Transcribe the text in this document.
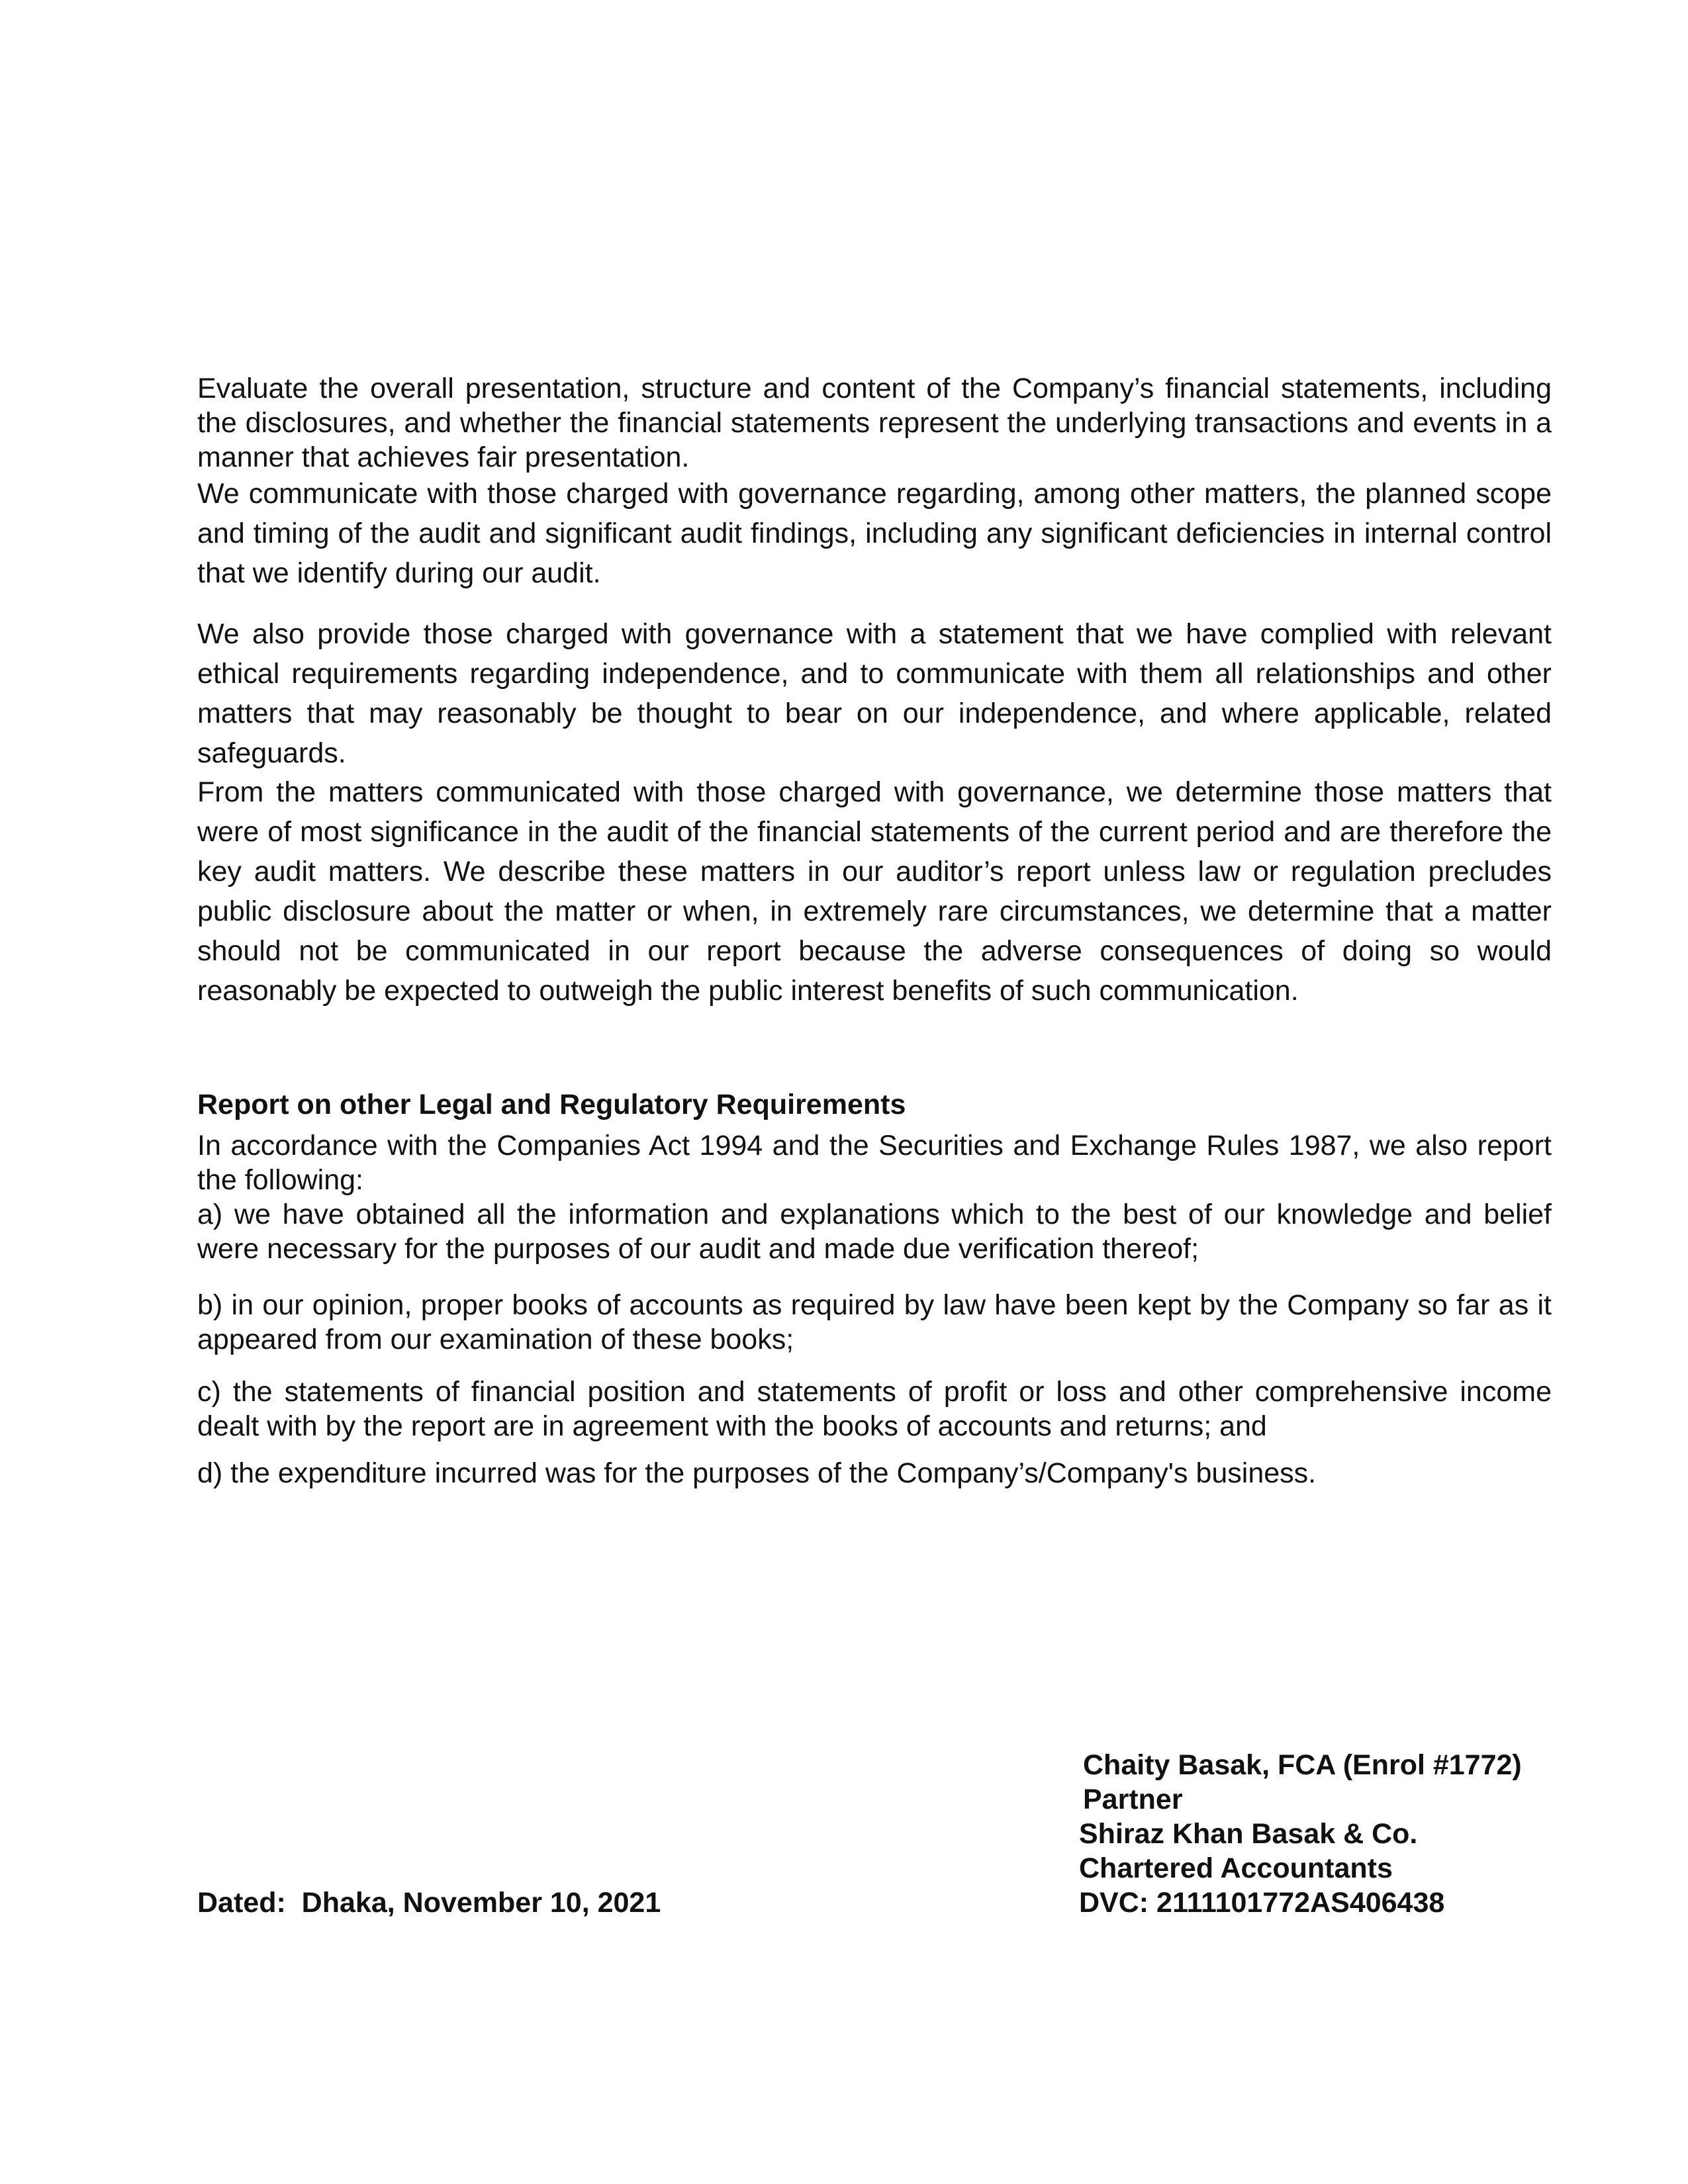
Evaluate the overall presentation, structure and content of the Company’s financial statements, including the disclosures, and whether the financial statements represent the underlying transactions and events in a manner that achieves fair presentation.

We communicate with those charged with governance regarding, among other matters, the planned scope and timing of the audit and significant audit findings, including any significant deficiencies in internal control that we identify during our audit.

We also provide those charged with governance with a statement that we have complied with relevant ethical requirements regarding independence, and to communicate with them all relationships and other matters that may reasonably be thought to bear on our independence, and where applicable, related safeguards.

From the matters communicated with those charged with governance, we determine those matters that were of most significance in the audit of the financial statements of the current period and are therefore the key audit matters. We describe these matters in our auditor’s report unless law or regulation precludes public disclosure about the matter or when, in extremely rare circumstances, we determine that a matter should not be communicated in our report because the adverse consequences of doing so would reasonably be expected to outweigh the public interest benefits of such communication.

Report on other Legal and Regulatory Requirements

In accordance with the Companies Act 1994 and the Securities and Exchange Rules 1987, we also report the following:

a) we have obtained all the information and explanations which to the best of our knowledge and belief were necessary for the purposes of our audit and made due verification thereof;

b) in our opinion, proper books of accounts as required by law have been kept by the Company so far as it appeared from our examination of these books;

c) the statements of financial position and statements of profit or loss and other comprehensive income dealt with by the report are in agreement with the books of accounts and returns; and

d) the expenditure incurred was for the purposes of the Company’s/Company's business.

Chaity Basak, FCA (Enrol #1772)

Partner

Shiraz Khan Basak & Co.

Chartered Accountants

DVC: 2111101772AS406438

Dated:  Dhaka, November 10, 2021
